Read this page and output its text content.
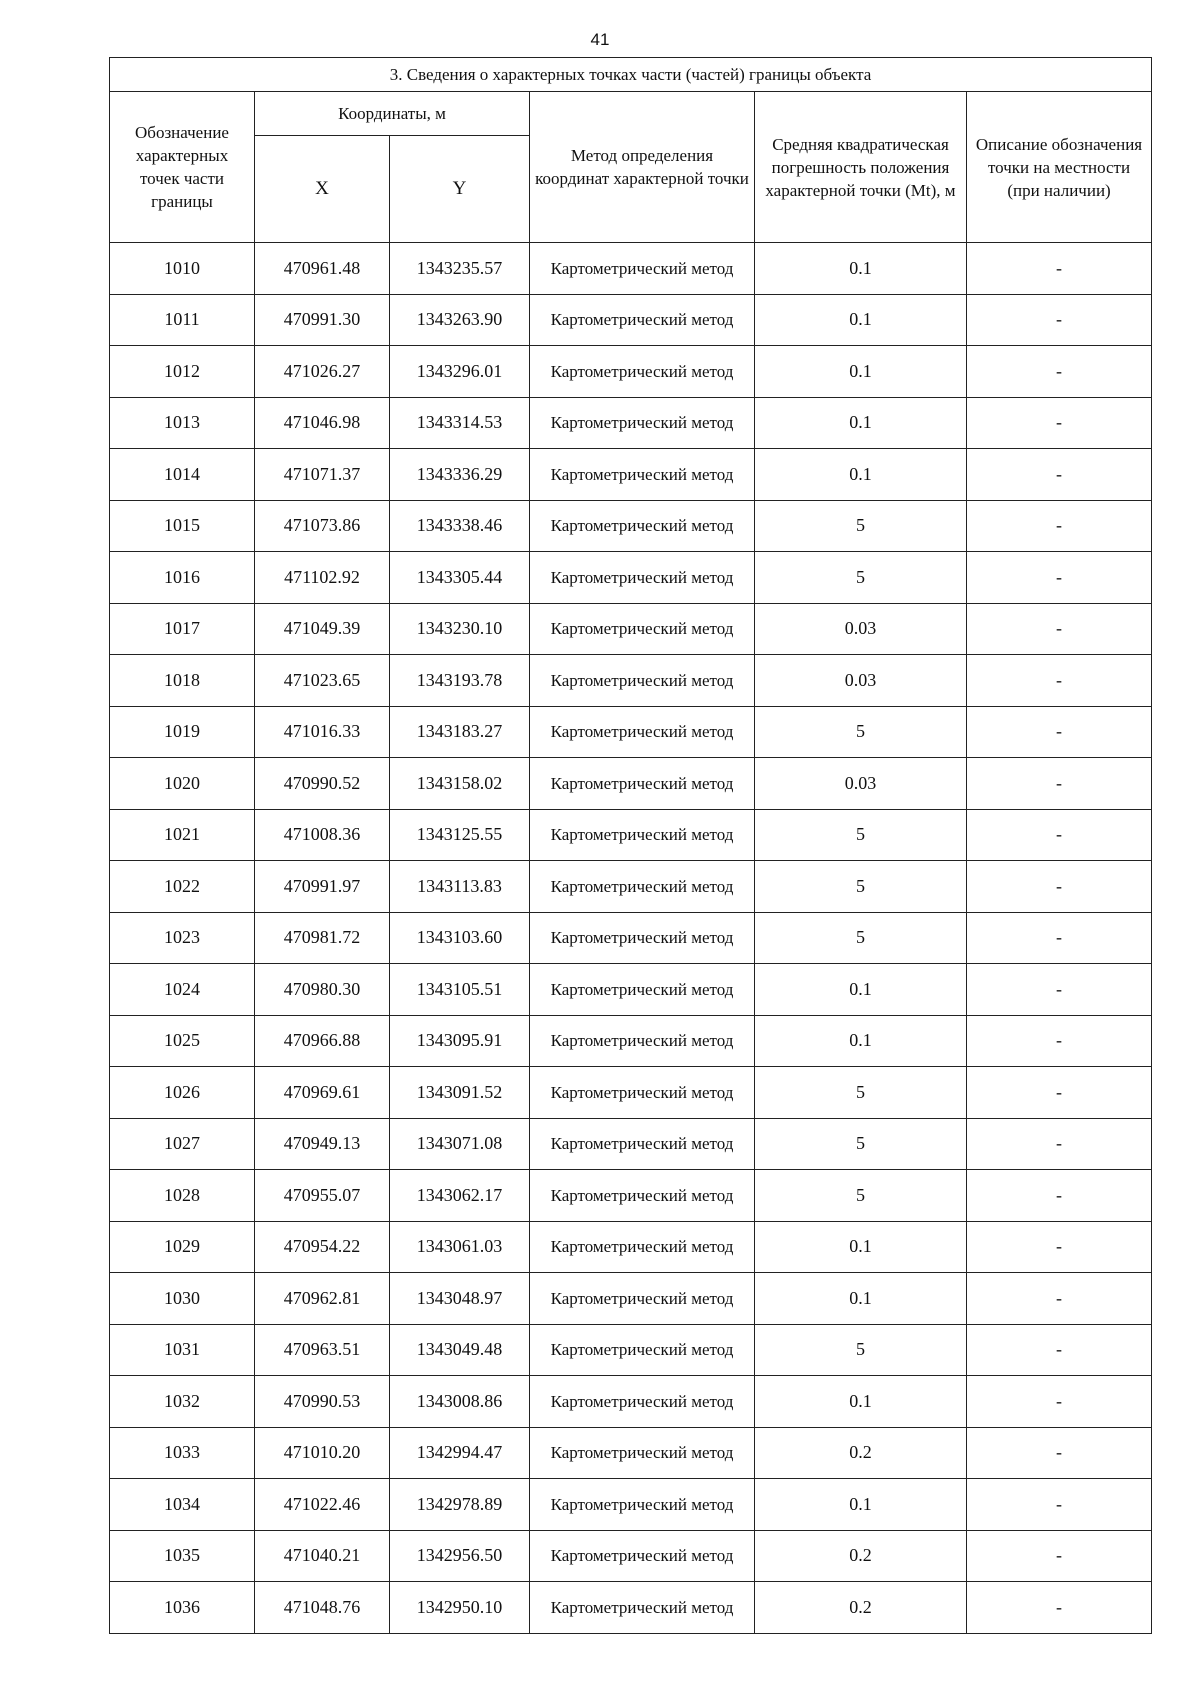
41
3. Сведения о характерных точках части (частей) границы объекта					
Обозначение характерных точек части границы	Координаты, м		Метод определения координат характерной точки	Средняя квадратическая погрешность положения характерной точки (Mt), м	Описание обозначения точки на местности (при наличии)
	X	Y			
1010	470961.48	1343235.57	Картометрический метод	0.1	-
1011	470991.30	1343263.90	Картометрический метод	0.1	-
1012	471026.27	1343296.01	Картометрический метод	0.1	-
1013	471046.98	1343314.53	Картометрический метод	0.1	-
1014	471071.37	1343336.29	Картометрический метод	0.1	-
1015	471073.86	1343338.46	Картометрический метод	5	-
1016	471102.92	1343305.44	Картометрический метод	5	-
1017	471049.39	1343230.10	Картометрический метод	0.03	-
1018	471023.65	1343193.78	Картометрический метод	0.03	-
1019	471016.33	1343183.27	Картометрический метод	5	-
1020	470990.52	1343158.02	Картометрический метод	0.03	-
1021	471008.36	1343125.55	Картометрический метод	5	-
1022	470991.97	1343113.83	Картометрический метод	5	-
1023	470981.72	1343103.60	Картометрический метод	5	-
1024	470980.30	1343105.51	Картометрический метод	0.1	-
1025	470966.88	1343095.91	Картометрический метод	0.1	-
1026	470969.61	1343091.52	Картометрический метод	5	-
1027	470949.13	1343071.08	Картометрический метод	5	-
1028	470955.07	1343062.17	Картометрический метод	5	-
1029	470954.22	1343061.03	Картометрический метод	0.1	-
1030	470962.81	1343048.97	Картометрический метод	0.1	-
1031	470963.51	1343049.48	Картометрический метод	5	-
1032	470990.53	1343008.86	Картометрический метод	0.1	-
1033	471010.20	1342994.47	Картометрический метод	0.2	-
1034	471022.46	1342978.89	Картометрический метод	0.1	-
1035	471040.21	1342956.50	Картометрический метод	0.2	-
1036	471048.76	1342950.10	Картометрический метод	0.2	-
